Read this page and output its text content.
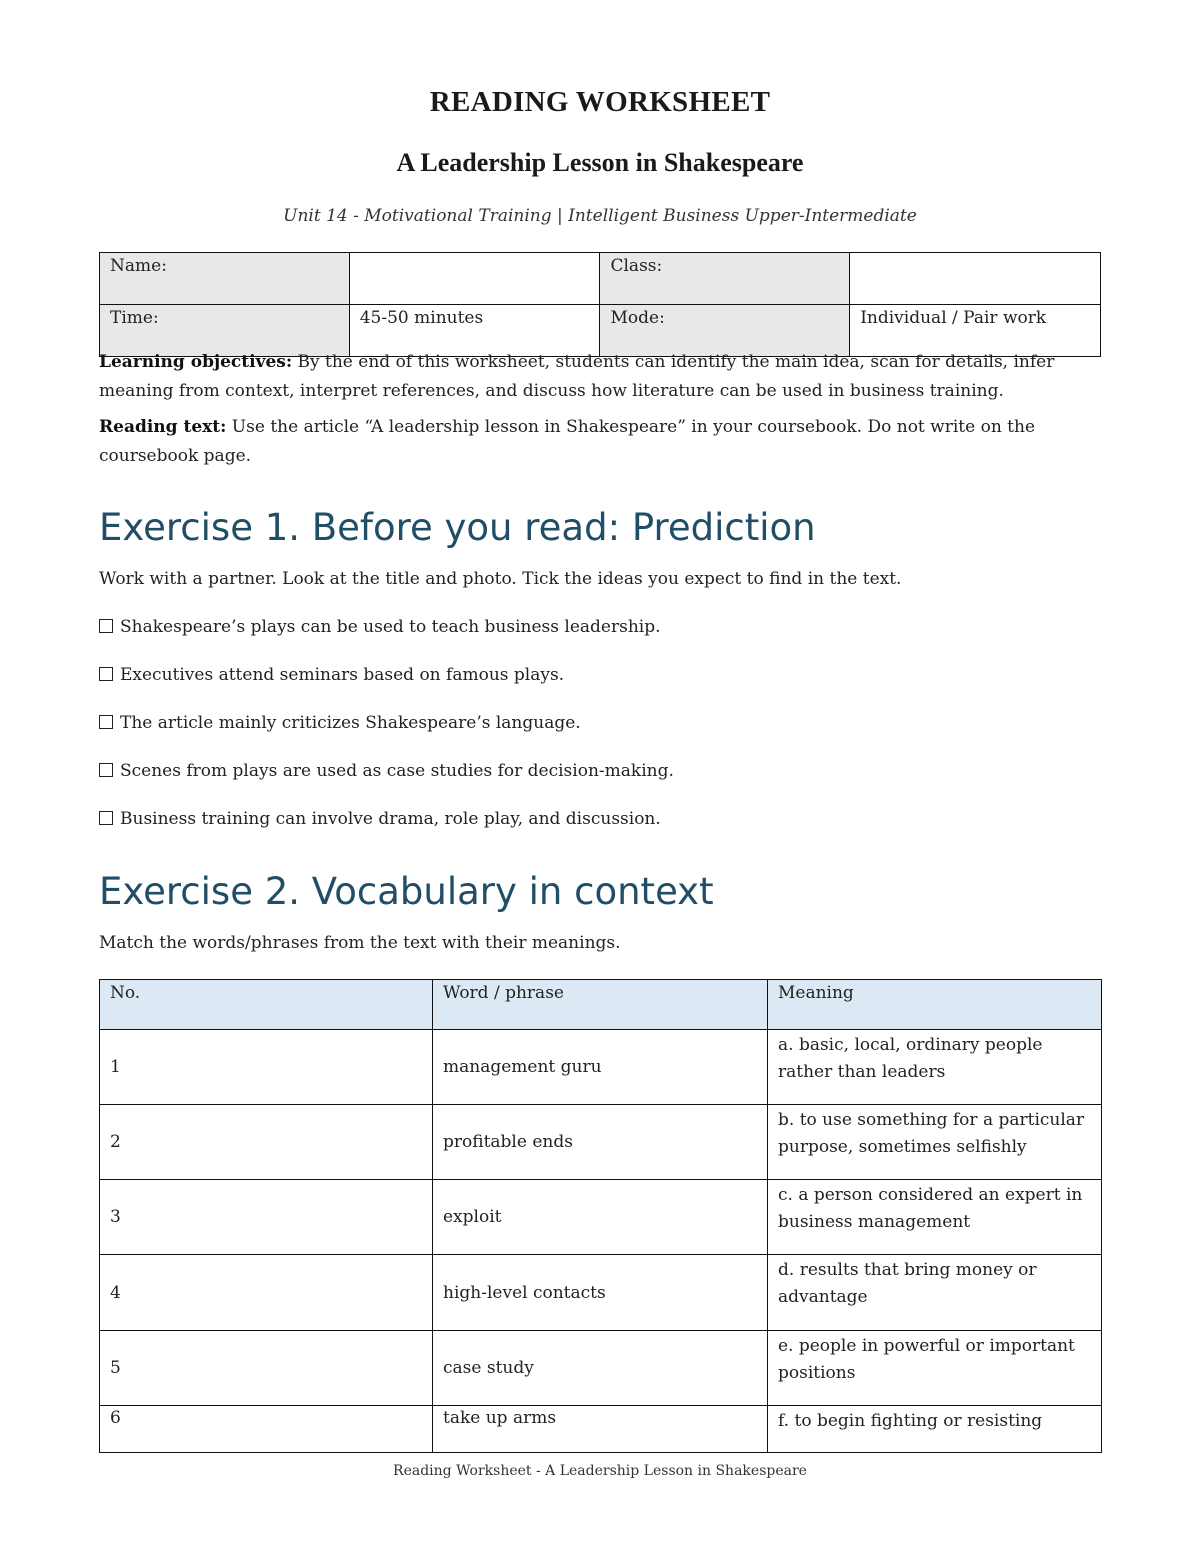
READING WORKSHEET
A Leadership Lesson in Shakespeare
Unit 14 - Motivational Training | Intelligent Business Upper-Intermediate
Name:		Class:	
Time:	45-50 minutes	Mode:	Individual / Pair work
Learning objectives: By the end of this worksheet, students can identify the main idea, scan for details, infer meaning from context, interpret references, and discuss how literature can be used in business training.
Reading text: Use the article “A leadership lesson in Shakespeare” in your coursebook. Do not write on the coursebook page.
Exercise 1. Before you read: Prediction
Work with a partner. Look at the title and photo. Tick the ideas you expect to find in the text.
Shakespeare’s plays can be used to teach business leadership.
Executives attend seminars based on famous plays.
The article mainly criticizes Shakespeare’s language.
Scenes from plays are used as case studies for decision-making.
Business training can involve drama, role play, and discussion.
Exercise 2. Vocabulary in context
Match the words/phrases from the text with their meanings.
No.	Word / phrase	Meaning
1	management guru	a. basic, local, ordinary people rather than leaders
2	profitable ends	b. to use something for a particular purpose, sometimes selfishly
3	exploit	c. a person considered an expert in business management
4	high-level contacts	d. results that bring money or advantage
5	case study	e. people in powerful or important positions
6	take up arms	f. to begin fighting or resisting
Reading Worksheet - A Leadership Lesson in Shakespeare
